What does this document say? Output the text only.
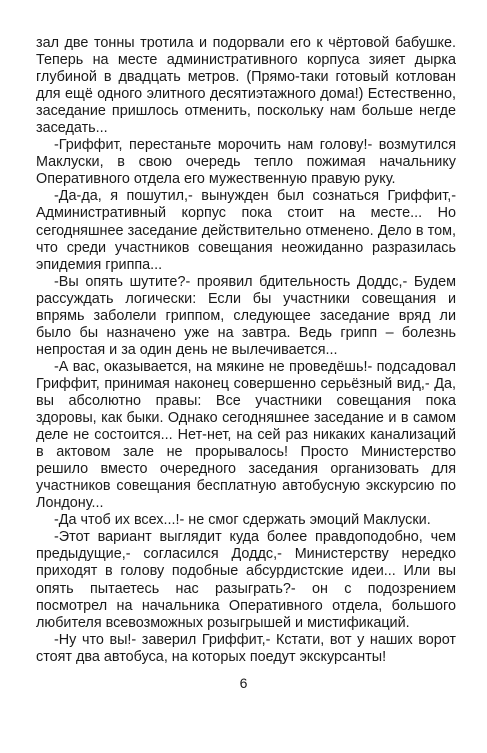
зал две тонны тротила и подорвали его к чёртовой бабушке. Теперь на месте административного корпуса зияет дырка глубиной в двадцать метров. (Прямо-таки готовый котлован для ещё одного элитного десятиэтажного дома!) Естественно, заседание пришлось отменить, поскольку нам больше негде заседать...

-Гриффит, перестаньте морочить нам голову!- возмутился Маклуски, в свою очередь тепло пожимая начальнику Оперативного отдела его мужественную правую руку.

-Да-да, я пошутил,- вынужден был сознаться Гриффит,- Административный корпус пока стоит на месте... Но сегодняшнее заседание действительно отменено. Дело в том, что среди участников совещания неожиданно разразилась эпидемия гриппа...

-Вы опять шутите?- проявил бдительность Доддс,- Будем рассуждать логически: Если бы участники совещания и впрямь заболели гриппом, следующее заседание вряд ли было бы назначено уже на завтра. Ведь грипп – болезнь непростая и за один день не вылечивается...

-А вас, оказывается, на мякине не проведёшь!- подсадовал Гриффит, принимая наконец совершенно серьёзный вид,- Да, вы абсолютно правы: Все участники совещания пока здоровы, как быки. Однако сегодняшнее заседание и в самом деле не состоится... Нет-нет, на сей раз никаких канализаций в актовом зале не прорывалось! Просто Министерство решило вместо очередного заседания организовать для участников совещания бесплатную автобусную экскурсию по Лондону...

-Да чтоб их всех...!- не смог сдержать эмоций Маклуски.

-Этот вариант выглядит куда более правдоподобно, чем предыдущие,- согласился Доддс,- Министерству нередко приходят в голову подобные абсурдистские идеи... Или вы опять пытаетесь нас разыграть?- он с подозрением посмотрел на начальника Оперативного отдела, большого любителя всевозможных розыгрышей и мистификаций.

-Ну что вы!- заверил Гриффит,- Кстати, вот у наших ворот стоят два автобуса, на которых поедут экскурсанты!

6
